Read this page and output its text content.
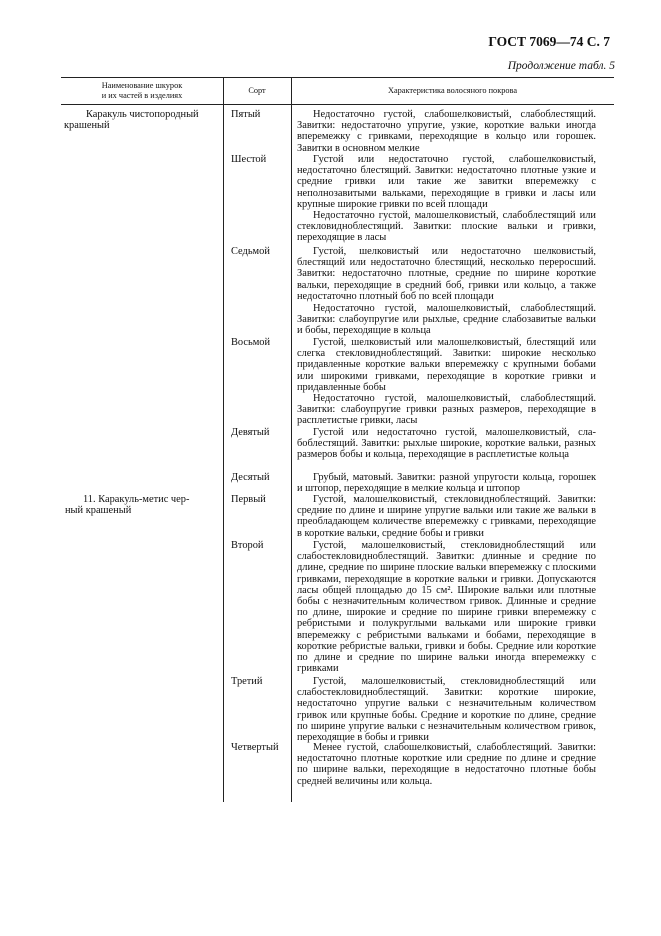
ГОСТ 7069—74 С. 7
Продолжение табл. 5
Наименование шкурок
и их частей в изделиях
Сорт	Характеристика волосяного покрова
Каракуль чистопородный
крашеный
11. Каракуль-метис чер-
ный крашеный
Пятый
Шестой
Седьмой
Восьмой
Девятый
Десятый
Первый
Второй
Третий
Четвертый
Недостаточно густой, слабошелковистый, слабоблестящий. Завитки: недостаточно упругие, узкие, короткие вальки иногда вперемежку с гривками, переходящие в кольцо или горошек. Завитки в основном мелкие
Густой или недостаточно густой, слабошелковистый, недостаточно блестящий. Завитки: недостаточно плотные узкие и средние гривки или такие же завитки вперемежку с неполнозавитыми вальками, переходящие в гривки и ласы или крупные широкие гривки по всей площади
Недостаточно густой, малошелковистый, слабоблестящий или стекловидноблестящий. Завитки: плоские вальки и гривки, переходящие в ласы
Густой, шелковистый или недостаточно шелковистый, блестящий или недостаточно блестящий, несколько переросший. Завитки: недостаточно плотные, средние по ширине короткие вальки, переходящие в средний боб, гривки или кольцо, а также недостаточно плотный боб по всей площади
Недостаточно густой, малошелковистый, слабоблестящий. Завитки: слабоупругие или рыхлые, средние слабозавитые вальки и бобы, переходящие в кольца
Густой, шелковистый или малошелковистый, блестящий или слегка стекловидноблестящий. Завитки: широкие несколько придавленные короткие вальки вперемежку с крупными бобами или широкими гривками, переходящие в короткие гривки и придавленные бобы
Недостаточно густой, малошелковистый, слабоблестящий. Завитки: слабоупругие гривки разных размеров, переходящие в расплетистые гривки, ласы
Густой или недостаточно густой, малошелковистый, слабоблестящий. Завитки: рыхлые широкие, короткие вальки, разных размеров бобы и кольца, переходящие в расплетистые кольца
Грубый, матовый. Завитки: разной упругости кольца, горошек и штопор, переходящие в мелкие кольца и штопор
Густой, малошелковистый, стекловидноблестящий. Завитки: средние по длине и ширине упругие вальки или такие же вальки в преобладающем количестве вперемежку с гривками, переходящие в короткие вальки, средние бобы и гривки
Густой, малошелковистый, стекловидноблестящий или слабостекловидноблестящий. Завитки: длинные и средние по длине, средние по ширине плоские вальки вперемежку с плоскими гривками, переходящие в короткие вальки и гривки. Допускаются ласы общей площадью до 15 см². Широкие вальки или плотные бобы с незначительным количеством гривок. Длинные и средние по длине, широкие и средние по ширине гривки вперемежку с ребристыми и полукруглыми вальками или широкие гривки вперемежку с ребристыми вальками и бобами, переходящие в короткие ребристые вальки, гривки и бобы. Средние или короткие по длине и средние по ширине вальки иногда вперемежку с гривками
Густой, малошелковистый, стекловидноблестящий или слабостекловидноблестящий. Завитки: короткие широкие, недостаточно упругие вальки с незначительным количеством гривок или крупные бобы. Средние и короткие по длине, средние по ширине упругие вальки с незначительным количеством гривок, переходящие в бобы и гривки
Менее густой, слабошелковистый, слабоблестящий. Завитки: недостаточно плотные короткие или средние по длине и средние по ширине вальки, переходящие в недостаточно плотные бобы средней величины или кольца.
